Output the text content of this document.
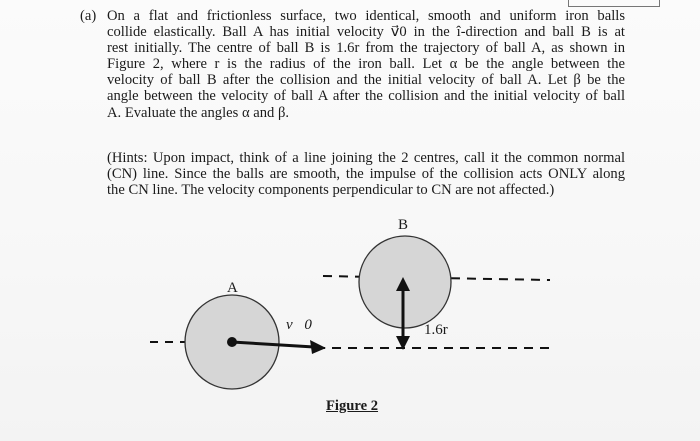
(a) On a flat and frictionless surface, two identical, smooth and uniform iron balls
collide elastically. Ball A has initial velocity v⃗0 in the î-direction and ball B is at
rest initially. The centre of ball B is 1.6r from the trajectory of ball A, as shown in
Figure 2, where r is the radius of the iron ball. Let α be the angle between the
velocity of ball B after the collision and the initial velocity of ball A. Let β be the
angle between the velocity of ball A after the collision and the initial velocity of ball
A. Evaluate the angles α and β.
(Hints: Upon impact, think of a line joining the 2 centres, call it the common normal
(CN) line. Since the balls are smooth, the impulse of the collision acts ONLY along
the CN line. The velocity components perpendicular to CN are not affected.)
A
B
v⃗0	1.6r
Figure 2
